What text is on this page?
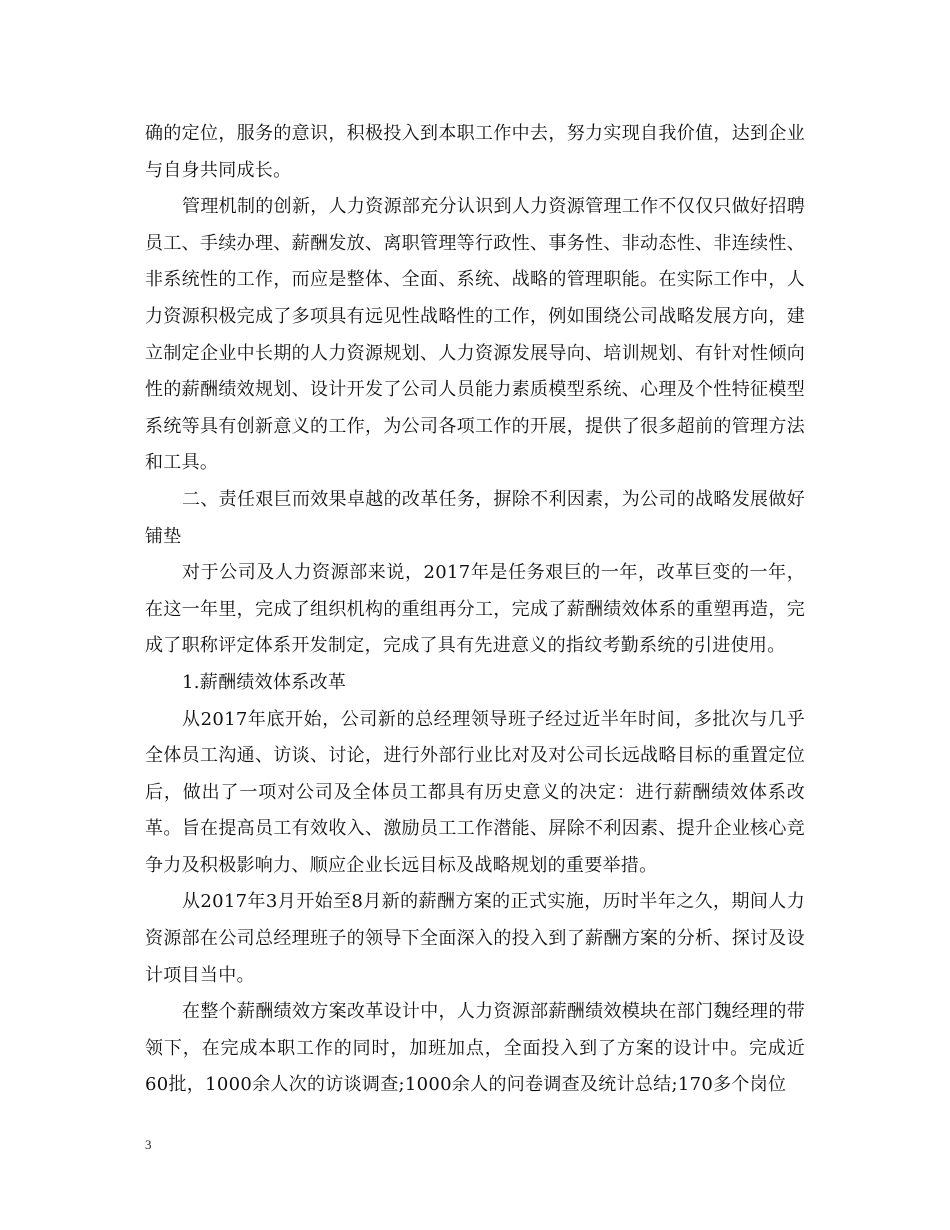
确的定位，服务的意识，积极投入到本职工作中去，努力实现自我价值，达到企业与自身共同成长。

管理机制的创新，人力资源部充分认识到人力资源管理工作不仅仅只做好招聘员工、手续办理、薪酬发放、离职管理等行政性、事务性、非动态性、非连续性、非系统性的工作，而应是整体、全面、系统、战略的管理职能。在实际工作中，人力资源积极完成了多项具有远见性战略性的工作，例如围绕公司战略发展方向，建立制定企业中长期的人力资源规划、人力资源发展导向、培训规划、有针对性倾向性的薪酬绩效规划、设计开发了公司人员能力素质模型系统、心理及个性特征模型系统等具有创新意义的工作，为公司各项工作的开展，提供了很多超前的管理方法和工具。

二、责任艰巨而效果卓越的改革任务，摒除不利因素，为公司的战略发展做好铺垫

对于公司及人力资源部来说，2017年是任务艰巨的一年，改革巨变的一年，在这一年里，完成了组织机构的重组再分工，完成了薪酬绩效体系的重塑再造，完成了职称评定体系开发制定，完成了具有先进意义的指纹考勤系统的引进使用。

1.薪酬绩效体系改革

从2017年底开始，公司新的总经理领导班子经过近半年时间，多批次与几乎全体员工沟通、访谈、讨论，进行外部行业比对及对公司长远战略目标的重置定位后，做出了一项对公司及全体员工都具有历史意义的决定：进行薪酬绩效体系改革。旨在提高员工有效收入、激励员工工作潜能、屏除不利因素、提升企业核心竞争力及积极影响力、顺应企业长远目标及战略规划的重要举措。

从2017年3月开始至8月新的薪酬方案的正式实施，历时半年之久，期间人力资源部在公司总经理班子的领导下全面深入的投入到了薪酬方案的分析、探讨及设计项目当中。

在整个薪酬绩效方案改革设计中，人力资源部薪酬绩效模块在部门魏经理的带领下，在完成本职工作的同时，加班加点，全面投入到了方案的设计中。完成近60批，1000余人次的访谈调查;1000余人的问卷调查及统计总结;170多个岗位

3
